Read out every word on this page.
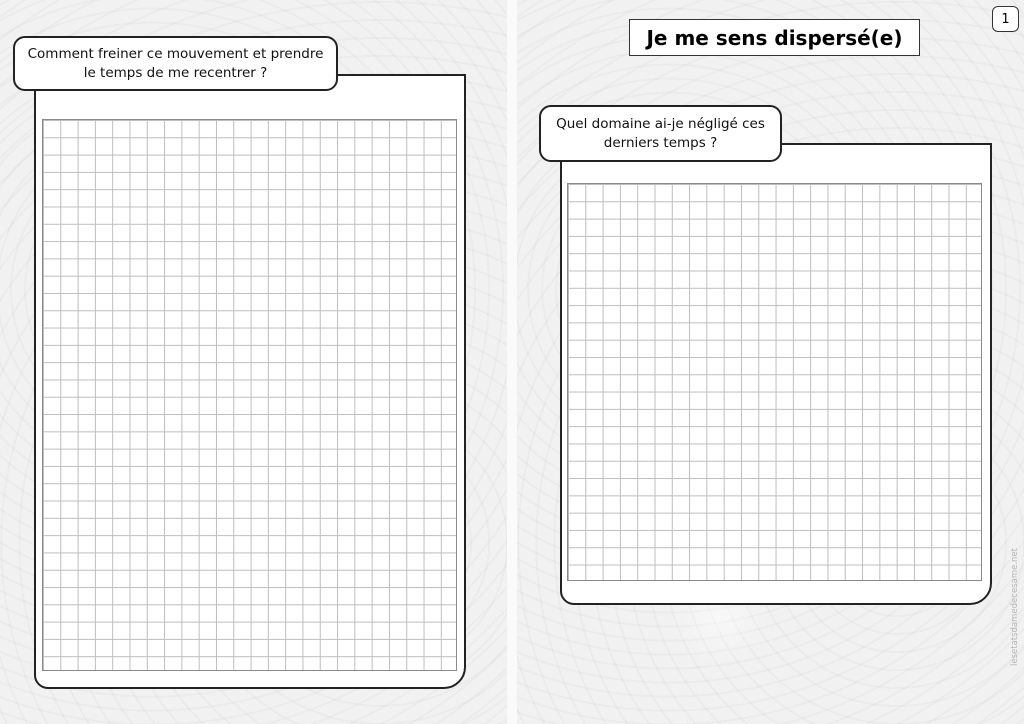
Comment freiner ce mouvement et prendre le temps de me recentrer ?
Je me sens dispersé(e)
1
Quel domaine ai-je négligé ces derniers temps ?
lesetatsdamedecesame.net
